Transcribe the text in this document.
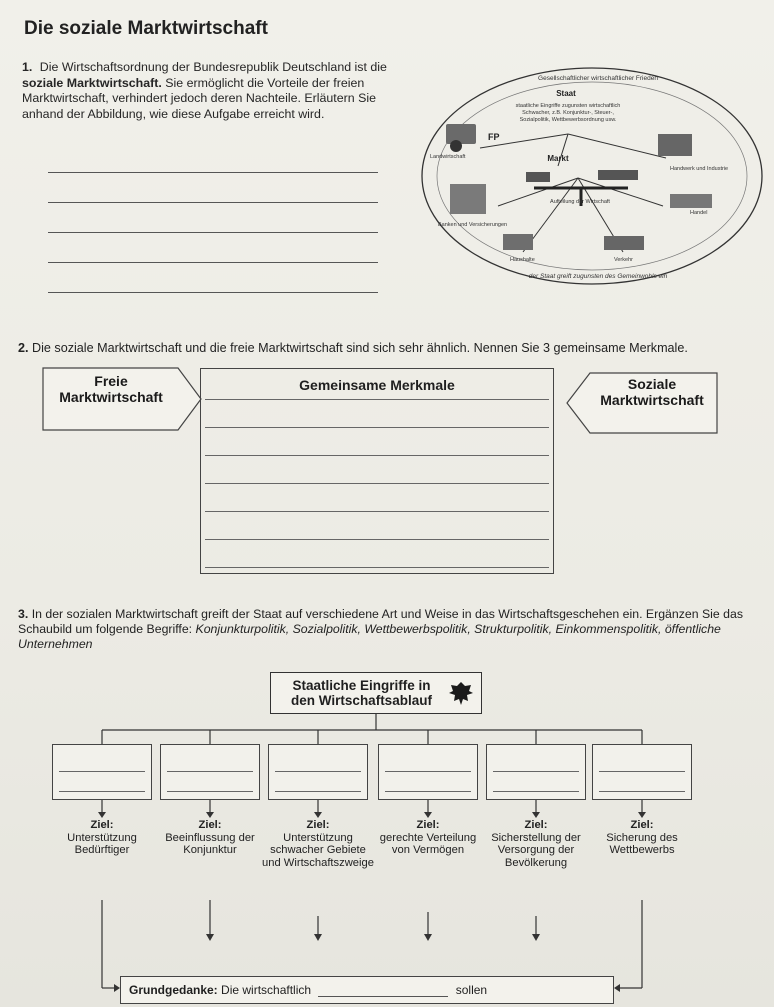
Die soziale Marktwirtschaft
1. Die Wirtschaftsordnung der Bundesrepublik Deutschland ist die soziale Marktwirtschaft. Sie ermöglicht die Vorteile der freien Marktwirtschaft, verhindert jedoch deren Nachteile. Erläutern Sie anhand der Abbildung, wie diese Aufgabe erreicht wird.
Gesellschaftlicher wirtschaftlicher Frieden
Staat
staatliche Eingriffe zugunsten wirtschaftlich
Schwacher, z.B. Konjunktur-, Steuer-,
Sozialpolitik, Wettbewerbsordnung usw.
Markt
FP
Landwirtschaft
Handwerk und Industrie
Aufteilung der Wirtschaft
Banken und Versicherungen
Handel
Haushalte	Verkehr
der Staat greift zugunsten des Gemeinwohls ein
2. Die soziale Marktwirtschaft und die freie Marktwirtschaft sind sich sehr ähnlich. Nennen Sie 3 gemeinsame Merkmale.
Freie
Marktwirtschaft
Gemeinsame Merkmale	Soziale
Marktwirtschaft
3. In der sozialen Marktwirtschaft greift der Staat auf verschiedene Art und Weise in das Wirtschaftsgeschehen ein. Ergänzen Sie das Schaubild um folgende Begriffe: Konjunkturpolitik, Sozialpolitik, Wettbewerbspolitik, Strukturpolitik, Einkommenspolitik, öffentliche Unternehmen
Staatliche Eingriffe in
den Wirtschaftsablauf
Ziel:
Unterstützung Bedürftiger
Ziel:
Beeinflussung der Konjunktur
Ziel:
Unterstützung schwacher Gebiete und Wirtschaftszweige
Ziel:
gerechte Verteilung von Vermögen
Ziel:
Sicherstellung der Versorgung der Bevölkerung
Ziel:
Sicherung des Wettbewerbs
Grundgedanke: Die wirtschaftlich	sollen
